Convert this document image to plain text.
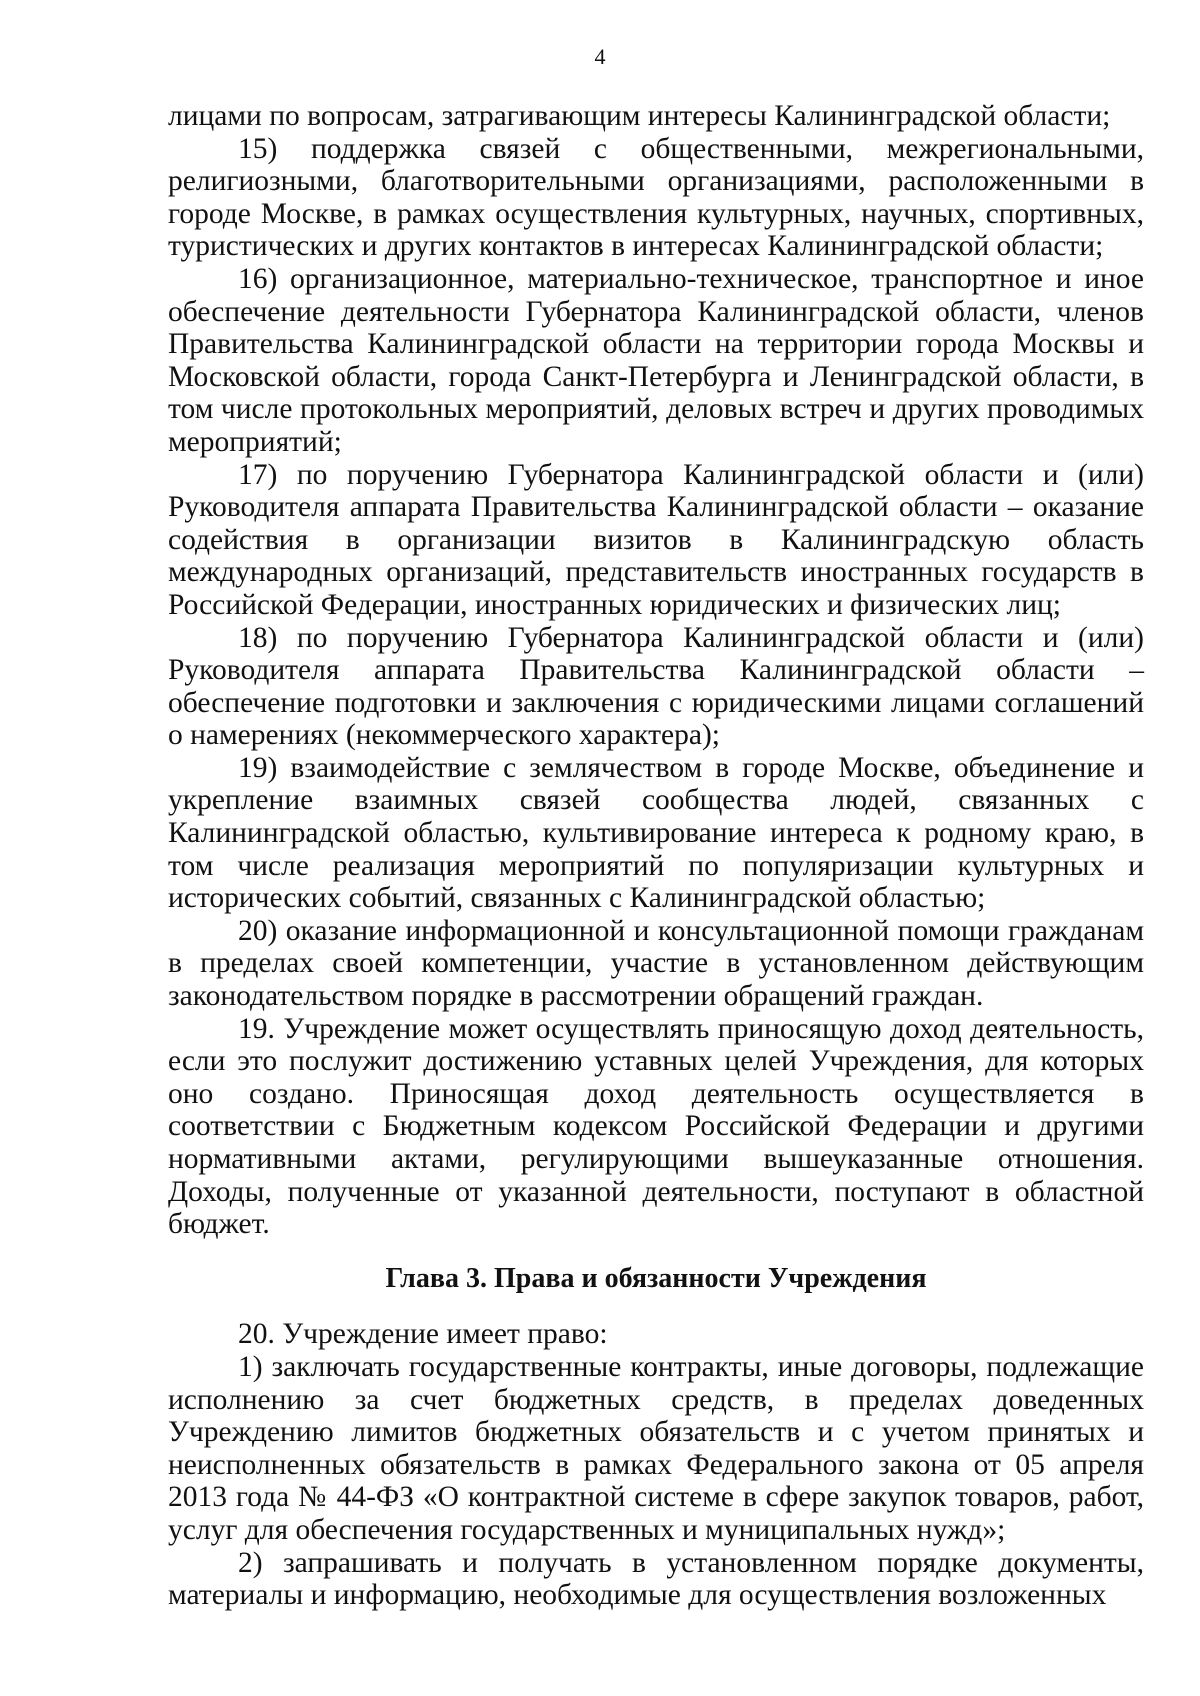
4

лицами по вопросам, затрагивающим интересы Калининградской области;

15) поддержка связей с общественными, межрегиональными, религиозными, благотворительными организациями, расположенными в городе Москве, в рамках осуществления культурных, научных, спортивных, туристических и других контактов в интересах Калининградской области;

16) организационное, материально-техническое, транспортное и иное обеспечение деятельности Губернатора Калининградской области, членов Правительства Калининградской области на территории города Москвы и Московской области, города Санкт-Петербурга и Ленинградской области, в том числе протокольных мероприятий, деловых встреч и других проводимых мероприятий;

17) по поручению Губернатора Калининградской области и (или) Руководителя аппарата Правительства Калининградской области – оказание содействия в организации визитов в Калининградскую область международных организаций, представительств иностранных государств в Российской Федерации, иностранных юридических и физических лиц;

18) по поручению Губернатора Калининградской области и (или) Руководителя аппарата Правительства Калининградской области – обеспечение подготовки и заключения с юридическими лицами соглашений о намерениях (некоммерческого характера);

19) взаимодействие с землячеством в городе Москве, объединение и укрепление взаимных связей сообщества людей, связанных с Калининградской областью, культивирование интереса к родному краю, в том числе реализация мероприятий по популяризации культурных и исторических событий, связанных с Калининградской областью;

20) оказание информационной и консультационной помощи гражданам в пределах своей компетенции, участие в установленном действующим законодательством порядке в рассмотрении обращений граждан.

19. Учреждение может осуществлять приносящую доход деятельность, если это послужит достижению уставных целей Учреждения, для которых оно создано. Приносящая доход деятельность осуществляется в соответствии с Бюджетным кодексом Российской Федерации и другими нормативными актами, регулирующими вышеуказанные отношения. Доходы, полученные от указанной деятельности, поступают в областной бюджет.

Глава 3. Права и обязанности Учреждения

20. Учреждение имеет право:

1) заключать государственные контракты, иные договоры, подлежащие исполнению за счет бюджетных средств, в пределах доведенных Учреждению лимитов бюджетных обязательств и с учетом принятых и неисполненных обязательств в рамках Федерального закона от 05 апреля 2013 года № 44-ФЗ «О контрактной системе в сфере закупок товаров, работ, услуг для обеспечения государственных и муниципальных нужд»;

2) запрашивать и получать в установленном порядке документы, материалы и информацию, необходимые для осуществления возложенных
